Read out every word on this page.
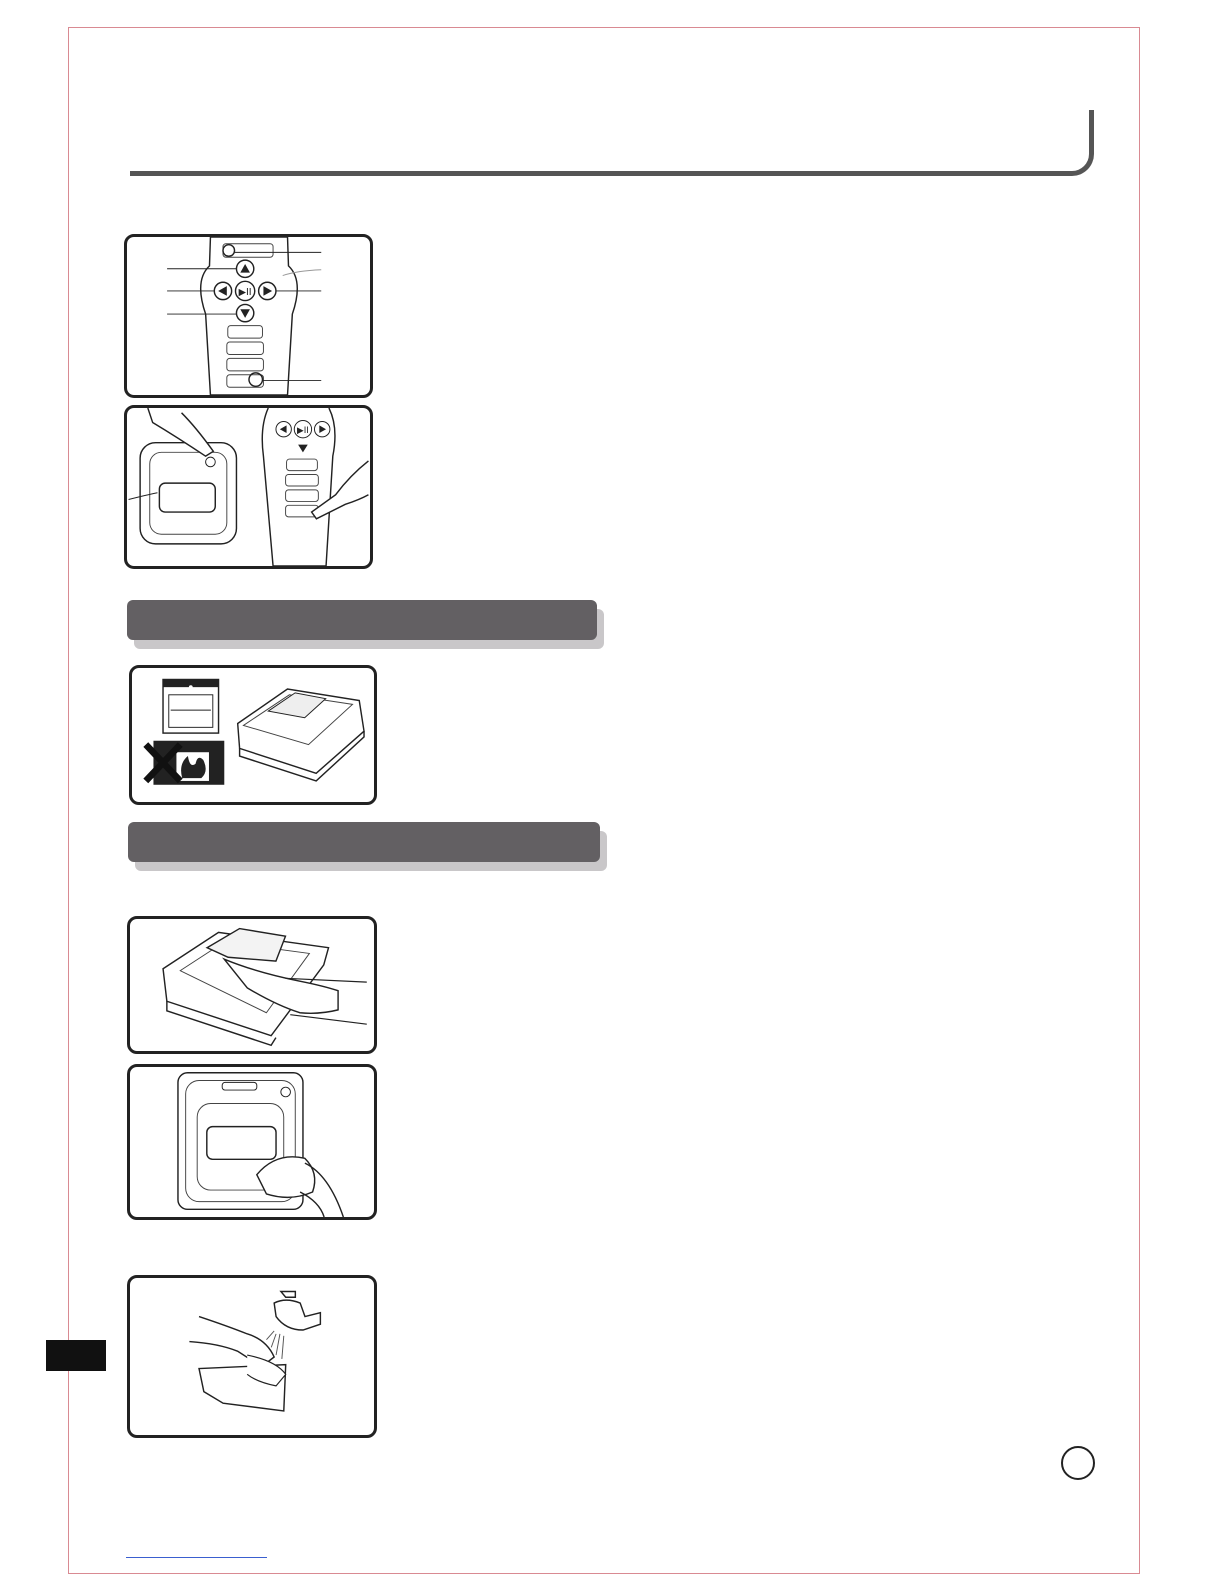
▶II
▶II
